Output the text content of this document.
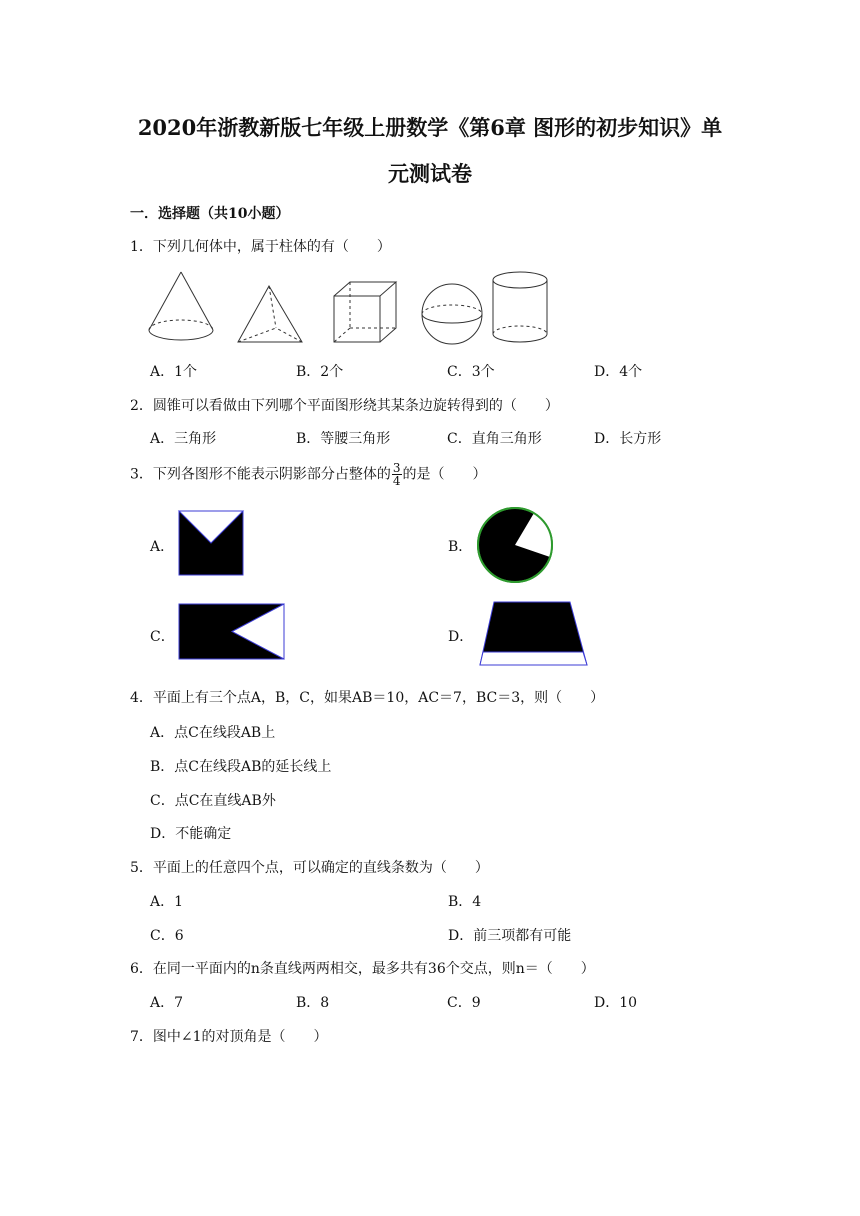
2020年浙教新版七年级上册数学《第6章 图形的初步知识》单
元测试卷
一．选择题（共10小题）
1．下列几何体中，属于柱体的有（　　）
A．1个	B．2个	C．3个	D．4个
2．圆锥可以看做由下列哪个平面图形绕其某条边旋转得到的（　　）
A．三角形	B．等腰三角形	C．直角三角形	D．长方形
3．下列各图形不能表示阴影部分占整体的 $\frac{3}{4}$ 的是（　　）
A．	B．
C．	D．
4．平面上有三个点A，B，C，如果AB＝10，AC＝7，BC＝3，则（　　）
A．点C在线段AB上
B．点C在线段AB的延长线上
C．点C在直线AB外
D．不能确定
5．平面上的任意四个点，可以确定的直线条数为（　　）
A．1	B．4
C．6	D．前三项都有可能
6．在同一平面内的n条直线两两相交，最多共有36个交点，则n＝（　　）
A．7	B．8	C．9	D．10
7．图中∠1的对顶角是（　　）
